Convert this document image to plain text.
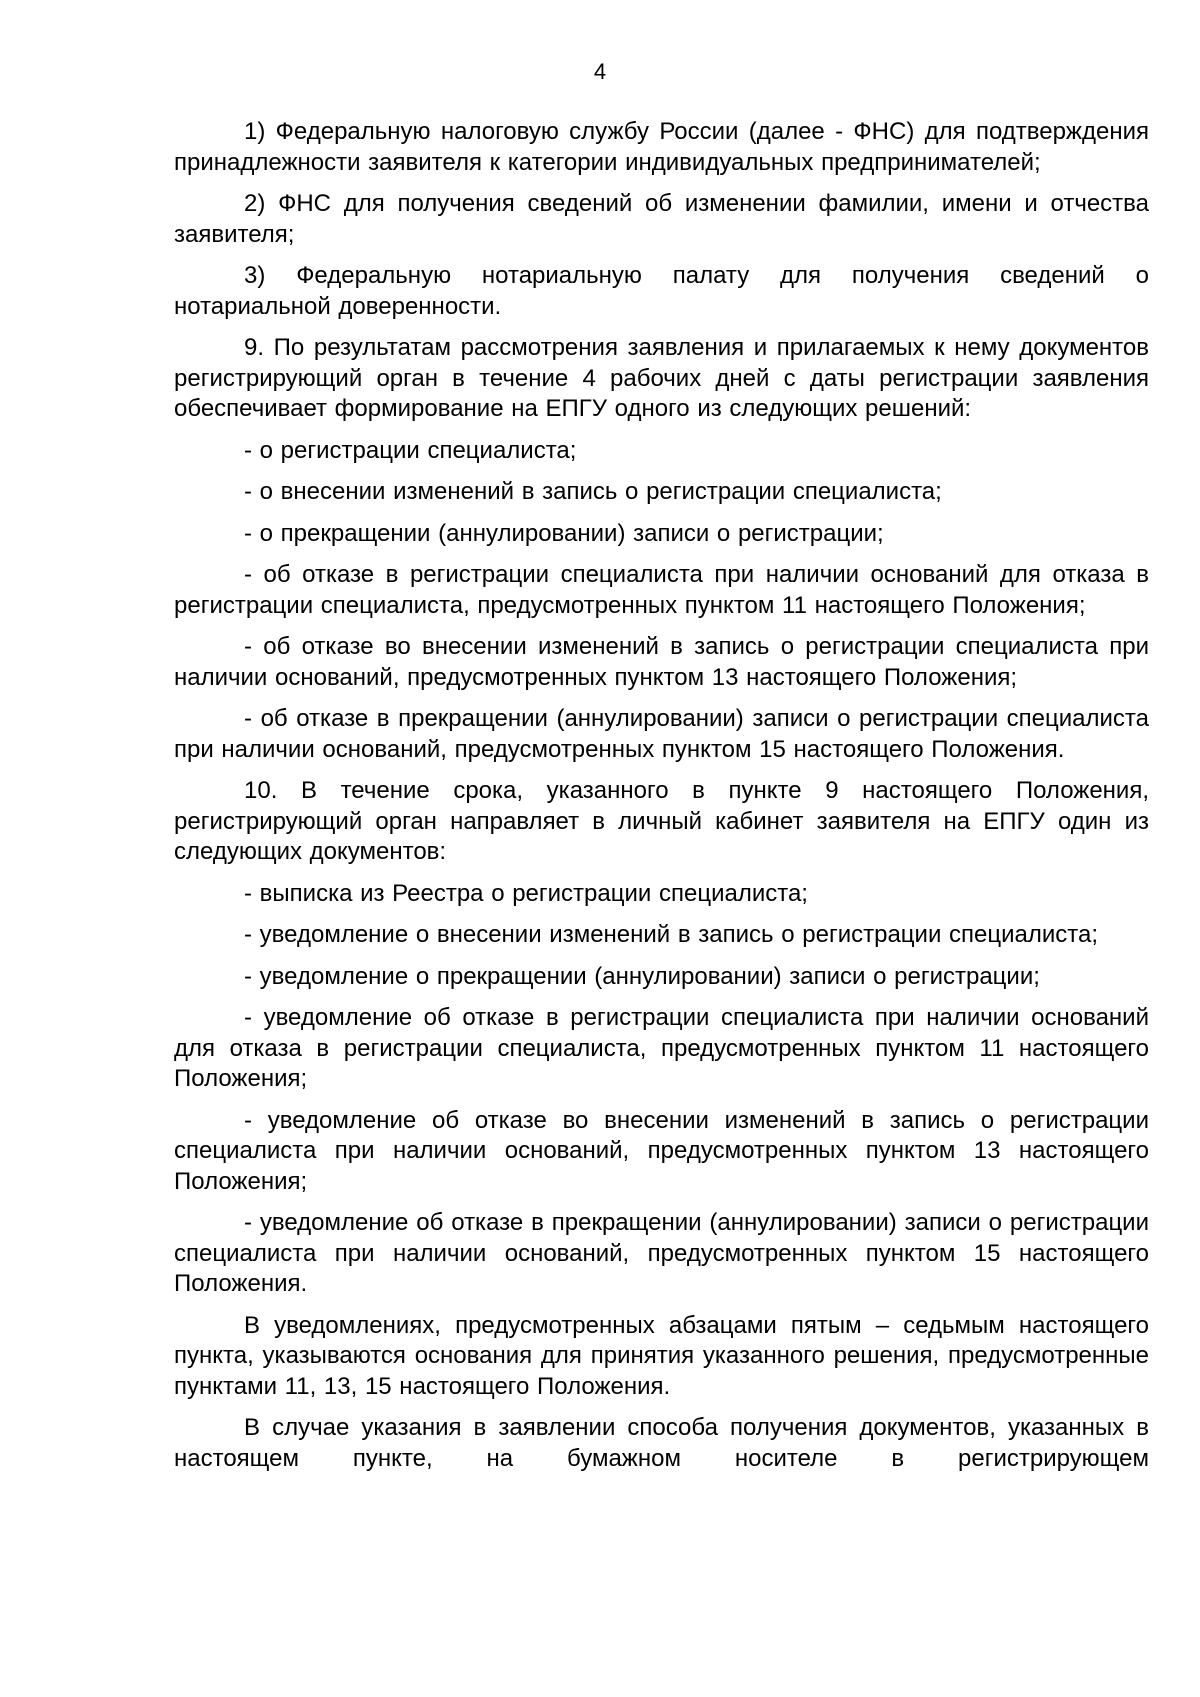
4

1) Федеральную налоговую службу России (далее - ФНС) для подтверждения принадлежности заявителя к категории индивидуальных предпринимателей;

2) ФНС для получения сведений об изменении фамилии, имени и отчества заявителя;

3) Федеральную нотариальную палату для получения сведений о нотариальной доверенности.

9. По результатам рассмотрения заявления и прилагаемых к нему документов регистрирующий орган в течение 4 рабочих дней с даты регистрации заявления обеспечивает формирование на ЕПГУ одного из следующих решений:

- о регистрации специалиста;

- о внесении изменений в запись о регистрации специалиста;

- о прекращении (аннулировании) записи о регистрации;

- об отказе в регистрации специалиста при наличии оснований для отказа в регистрации специалиста, предусмотренных пунктом 11 настоящего Положения;

- об отказе во внесении изменений в запись о регистрации специалиста при наличии оснований, предусмотренных пунктом 13 настоящего Положения;

- об отказе в прекращении (аннулировании) записи о регистрации специалиста при наличии оснований, предусмотренных пунктом 15 настоящего Положения.

10. В течение срока, указанного в пункте 9 настоящего Положения, регистрирующий орган направляет в личный кабинет заявителя на ЕПГУ один из следующих документов:

- выписка из Реестра о регистрации специалиста;

- уведомление о внесении изменений в запись о регистрации специалиста;

- уведомление о прекращении (аннулировании) записи о регистрации;

- уведомление об отказе в регистрации специалиста при наличии оснований для отказа в регистрации специалиста, предусмотренных пунктом 11 настоящего Положения;

- уведомление об отказе во внесении изменений в запись о регистрации специалиста при наличии оснований, предусмотренных пунктом 13 настоящего Положения;

- уведомление об отказе в прекращении (аннулировании) записи о регистрации специалиста при наличии оснований, предусмотренных пунктом 15 настоящего Положения.

В уведомлениях, предусмотренных абзацами пятым – седьмым настоящего пункта, указываются основания для принятия указанного решения, предусмотренные пунктами 11, 13, 15 настоящего Положения.

В случае указания в заявлении способа получения документов, указанных в настоящем пункте, на бумажном носителе в регистрирующем
